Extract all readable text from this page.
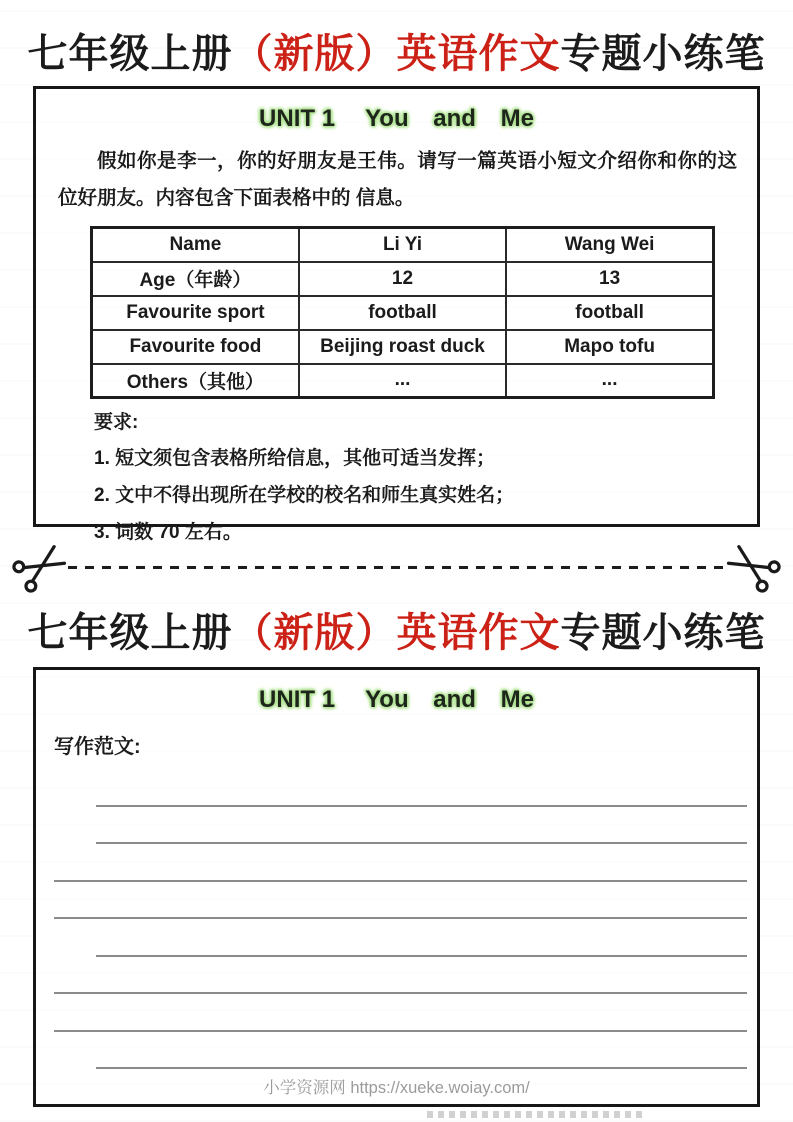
七年级上册（新版）英语作文专题小练笔
UNIT 1 You and Me

假如你是李一，你的好朋友是王伟。请写一篇英语小短文介绍你和你的这位好朋友。内容包含下面表格中的 信息。

Name	Li Yi	Wang Wei
Age（年龄）	12	13
Favourite sport	football	football
Favourite food	Beijing roast duck	Mapo tofu
Others（其他）	...	...
要求:
1. 短文须包含表格所给信息，其他可适当发挥；
2. 文中不得出现所在学校的校名和师生真实姓名；
3. 词数 70 左右。
七年级上册（新版）英语作文专题小练笔
UNIT 1 You and Me
写作范文:
小学资源网 https://xueke.woiay.com/
